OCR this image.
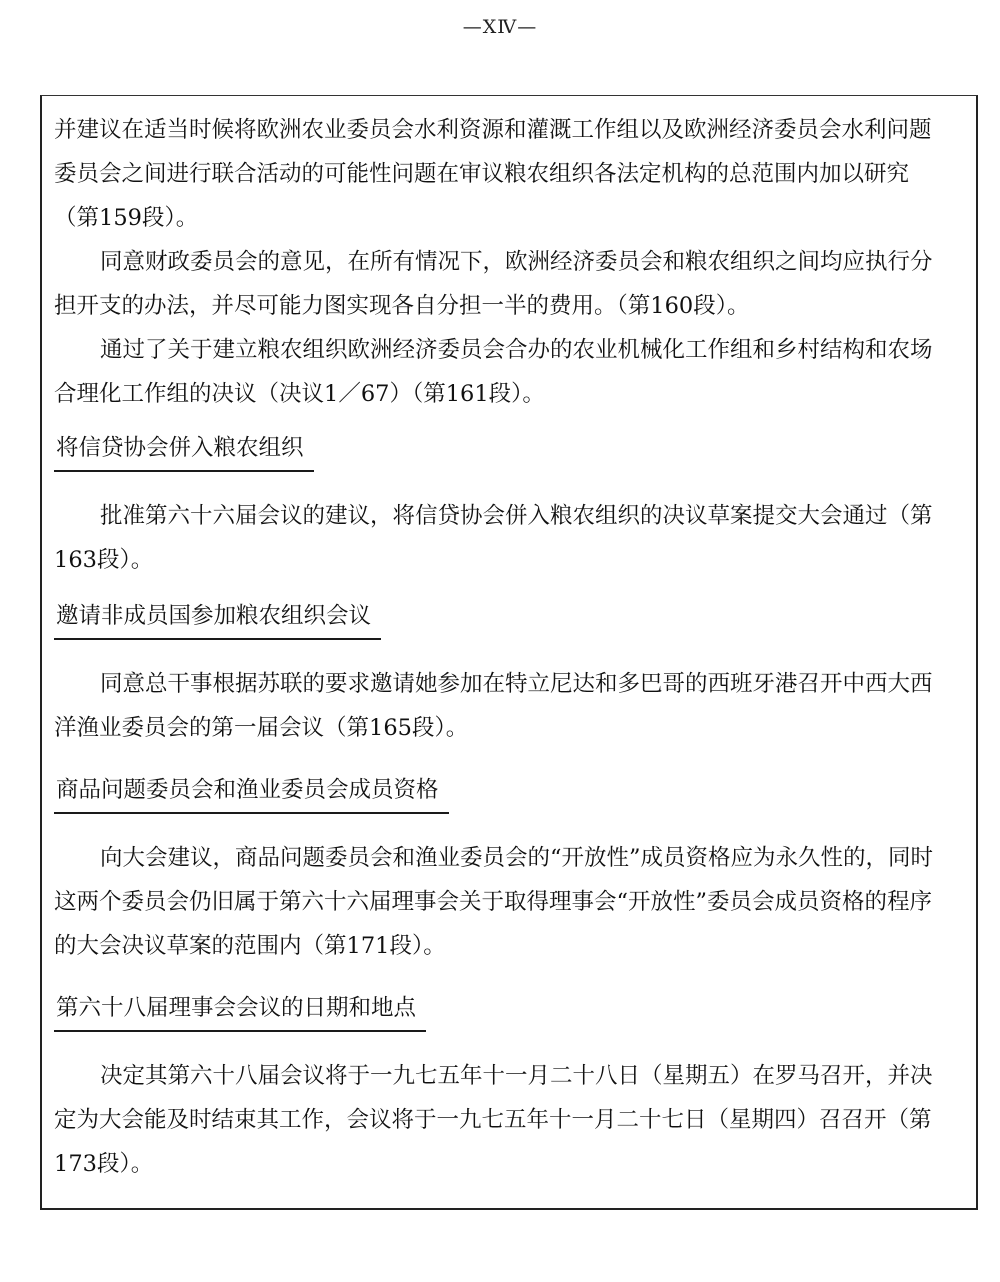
—XⅣ—

并建议在适当时候将欧洲农业委员会水利资源和灌溉工作组以及欧洲经济委员会水利问题委员会之间进行联合活动的可能性问题在审议粮农组织各法定机构的总范围内加以研究（第159段）。

同意财政委员会的意见，在所有情况下，欧洲经济委员会和粮农组织之间均应执行分担开支的办法，并尽可能力图实现各自分担一半的费用。（第160段）。

通过了关于建立粮农组织欧洲经济委员会合办的农业机械化工作组和乡村结构和农场合理化工作组的决议（决议1／67）（第161段）。

将信贷协会併入粮农组织

批准第六十六届会议的建议，将信贷协会併入粮农组织的决议草案提交大会通过（第163段）。

邀请非成员国参加粮农组织会议

同意总干事根据苏联的要求邀请她参加在特立尼达和多巴哥的西班牙港召开中西大西洋渔业委员会的第一届会议（第165段）。

商品问题委员会和渔业委员会成员资格

向大会建议，商品问题委员会和渔业委员会的“开放性”成员资格应为永久性的，同时这两个委员会仍旧属于第六十六届理事会关于取得理事会“开放性”委员会成员资格的程序的大会决议草案的范围内（第171段）。

第六十八届理事会会议的日期和地点

决定其第六十八届会议将于一九七五年十一月二十八日（星期五）在罗马召开，并决定为大会能及时结束其工作，会议将于一九七五年十一月二十七日（星期四）召召开（第173段）。
